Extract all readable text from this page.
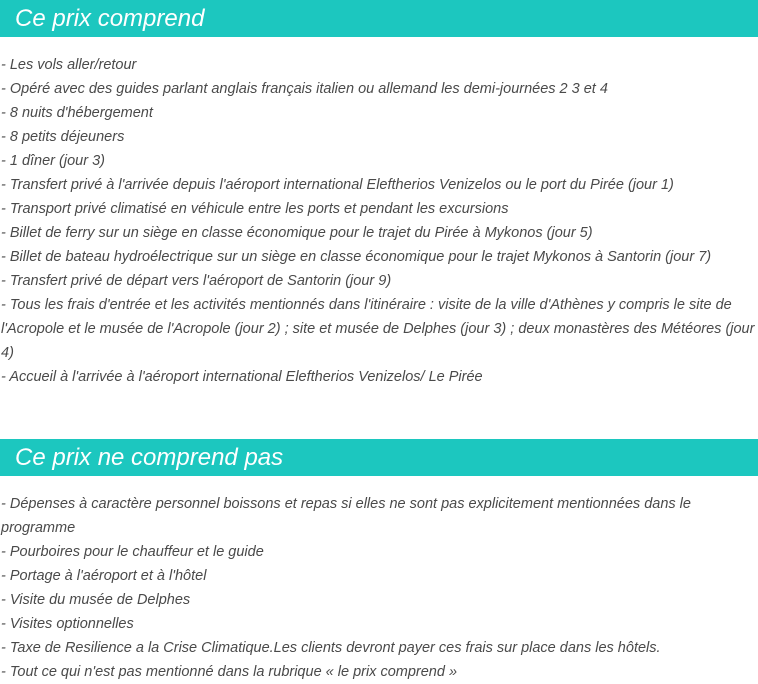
Ce prix comprend
- Les vols aller/retour
- Opéré avec des guides parlant anglais français italien ou allemand les demi-journées 2 3 et 4
- 8 nuits d'hébergement
- 8 petits déjeuners
- 1 dîner (jour 3)
- Transfert privé à l'arrivée depuis l'aéroport international Eleftherios Venizelos ou le port du Pirée (jour 1)
- Transport privé climatisé en véhicule entre les ports et pendant les excursions
- Billet de ferry sur un siège en classe économique pour le trajet du Pirée à Mykonos (jour 5)
- Billet de bateau hydroélectrique sur un siège en classe économique pour le trajet Mykonos à Santorin (jour 7)
- Transfert privé de départ vers l'aéroport de Santorin (jour 9)
- Tous les frais d'entrée et les activités mentionnés dans l'itinéraire : visite de la ville d'Athènes y compris le site de l'Acropole et le musée de l'Acropole (jour 2) ; site et musée de Delphes (jour 3) ; deux monastères des Météores (jour 4)
- Accueil à l'arrivée à l'aéroport international Eleftherios Venizelos/ Le Pirée
Ce prix ne comprend pas
- Dépenses à caractère personnel boissons et repas si elles ne sont pas explicitement mentionnées dans le programme
- Pourboires pour le chauffeur et le guide
- Portage à l'aéroport et à l'hôtel
- Visite du musée de Delphes
- Visites optionnelles
- Taxe de Resilience a la Crise Climatique.Les clients devront payer ces frais sur place dans les hôtels.
- Tout ce qui n'est pas mentionné dans la rubrique « le prix comprend »
